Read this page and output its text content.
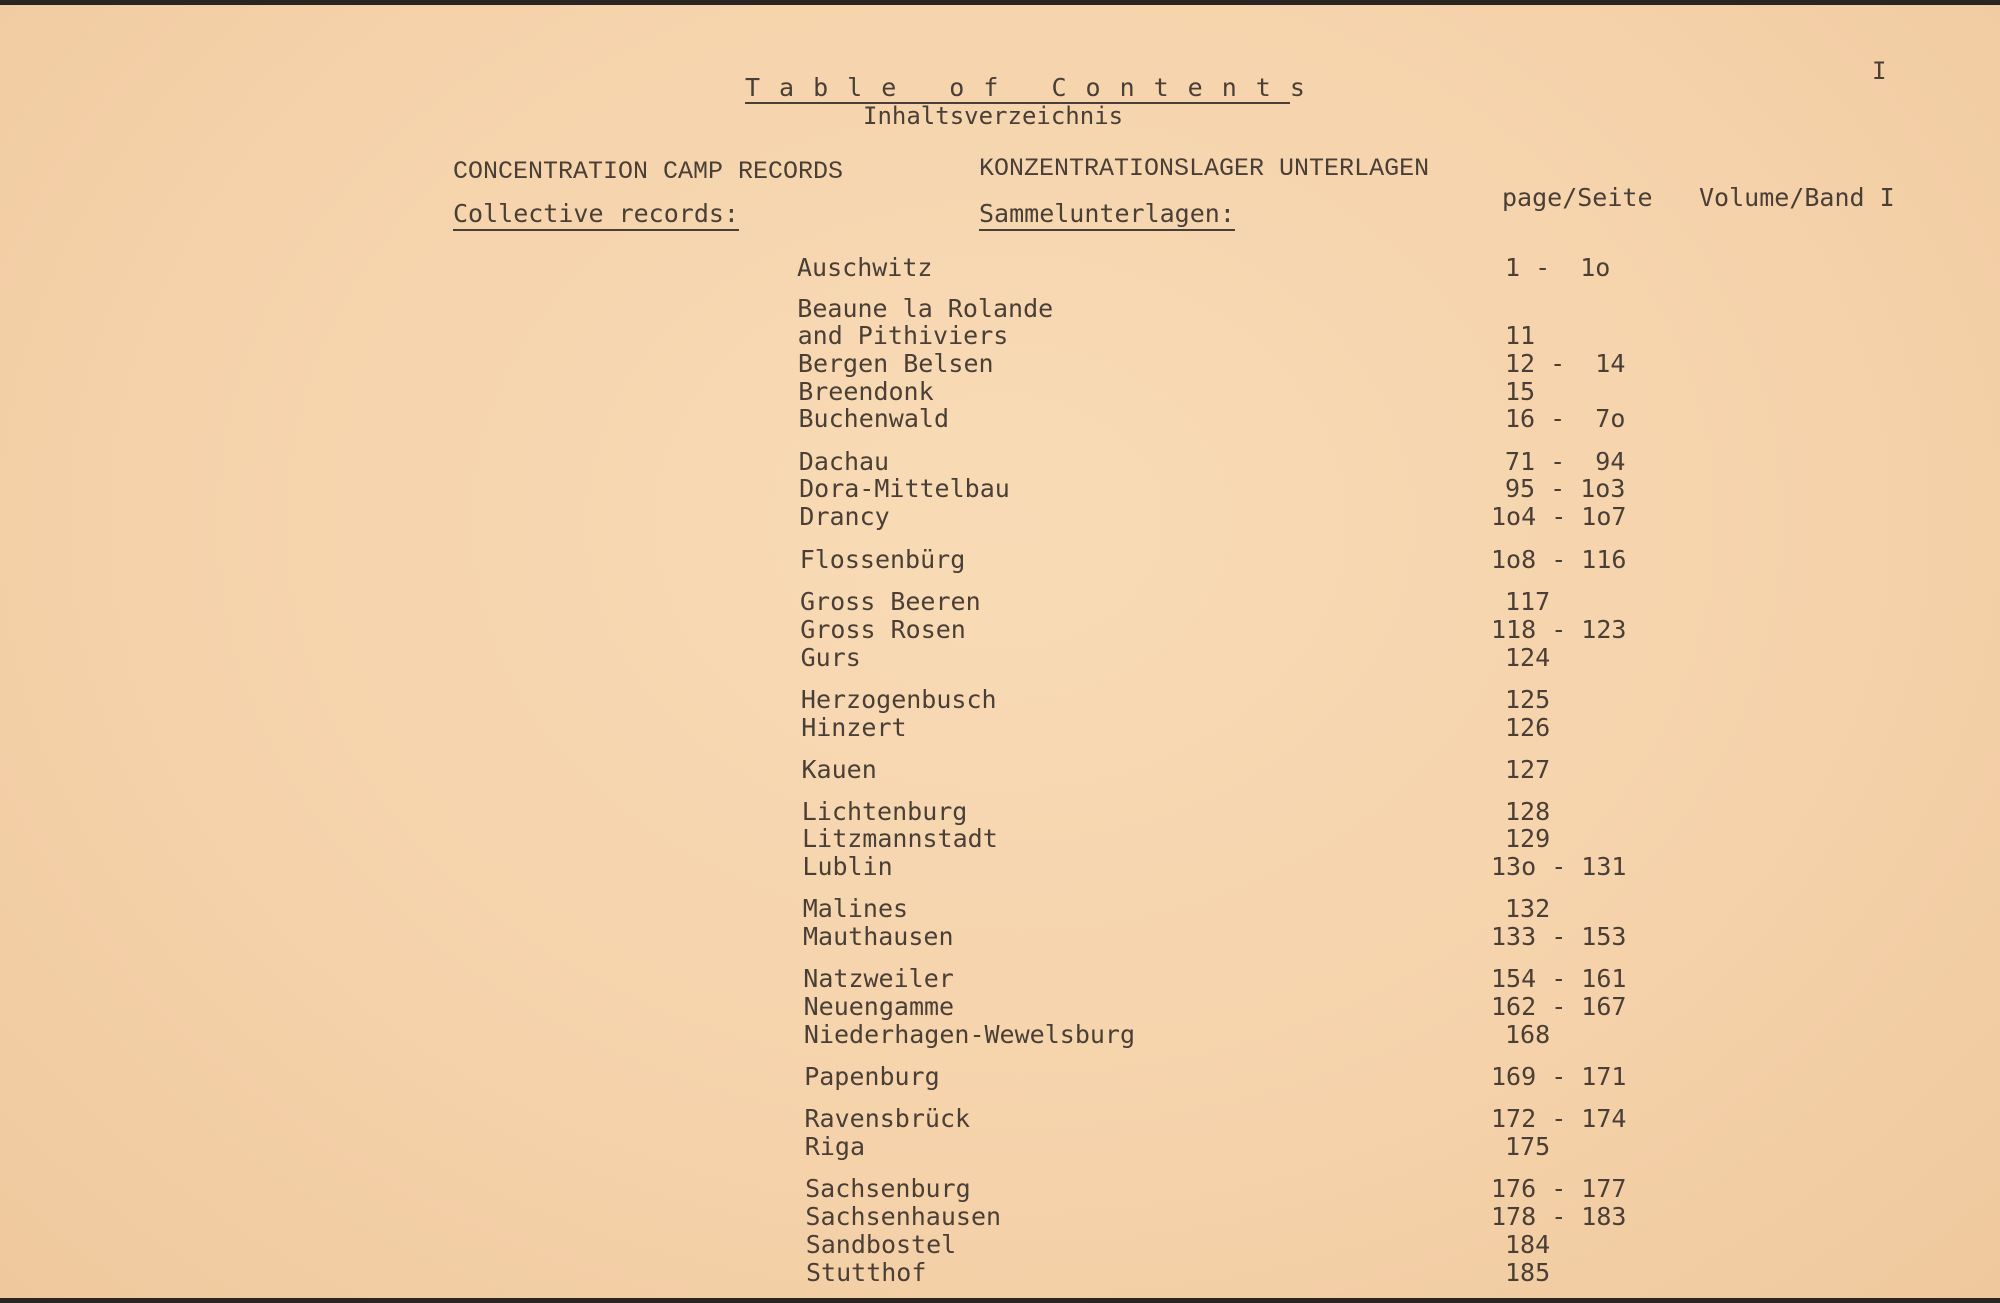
I
Table of Contents
Inhaltsverzeichnis
CONCENTRATION CAMP RECORDS	KONZENTRATIONSLAGER UNTERLAGEN
Collective records:	Sammelunterlagen:
page/Seite Volume/Band I
Auschwitz	1 -  1o
Beaune la Rolande
and Pithiviers	11
Bergen Belsen	12 -  14
Breendonk	15
Buchenwald	16 -  7o
Dachau	71 -  94
Dora-Mittelbau	95 - 1o3
Drancy	1o4 - 1o7
Flossenbürg	1o8 - 116
Gross Beeren	117
Gross Rosen	118 - 123
Gurs	124
Herzogenbusch	125
Hinzert	126
Kauen	127
Lichtenburg	128
Litzmannstadt	129
Lublin	13o - 131
Malines	132
Mauthausen	133 - 153
Natzweiler	154 - 161
Neuengamme	162 - 167
Niederhagen-Wewelsburg	168
Papenburg	169 - 171
Ravensbrück	172 - 174
Riga	175
Sachsenburg	176 - 177
Sachsenhausen	178 - 183
Sandbostel	184
Stutthof	185
